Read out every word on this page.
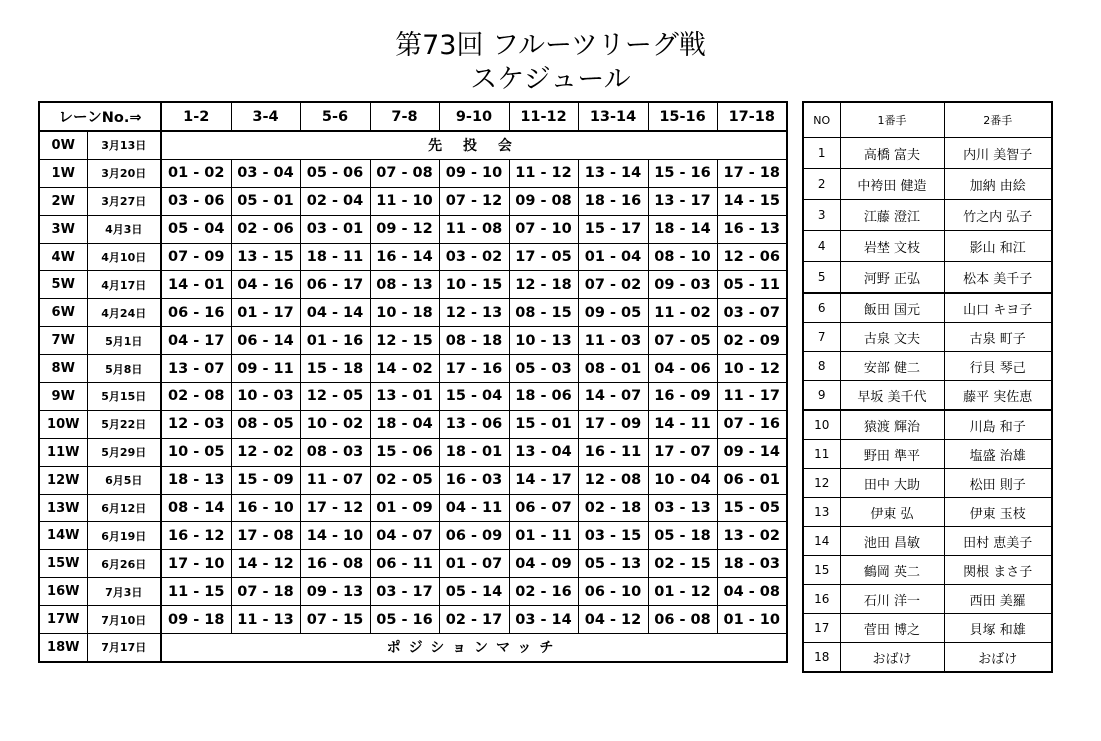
第73回 フルーツリーグ戦
スケジュール
レーンNo.⇒		1-2	3-4	5-6	7-8	9-10	11-12	13-14	15-16	17-18
0W	3月13日	先 投 会								
1W	3月20日	01 - 02	03 - 04	05 - 06	07 - 08	09 - 10	11 - 12	13 - 14	15 - 16	17 - 18
2W	3月27日	03 - 06	05 - 01	02 - 04	11 - 10	07 - 12	09 - 08	18 - 16	13 - 17	14 - 15
3W	4月3日	05 - 04	02 - 06	03 - 01	09 - 12	11 - 08	07 - 10	15 - 17	18 - 14	16 - 13
4W	4月10日	07 - 09	13 - 15	18 - 11	16 - 14	03 - 02	17 - 05	01 - 04	08 - 10	12 - 06
5W	4月17日	14 - 01	04 - 16	06 - 17	08 - 13	10 - 15	12 - 18	07 - 02	09 - 03	05 - 11
6W	4月24日	06 - 16	01 - 17	04 - 14	10 - 18	12 - 13	08 - 15	09 - 05	11 - 02	03 - 07
7W	5月1日	04 - 17	06 - 14	01 - 16	12 - 15	08 - 18	10 - 13	11 - 03	07 - 05	02 - 09
8W	5月8日	13 - 07	09 - 11	15 - 18	14 - 02	17 - 16	05 - 03	08 - 01	04 - 06	10 - 12
9W	5月15日	02 - 08	10 - 03	12 - 05	13 - 01	15 - 04	18 - 06	14 - 07	16 - 09	11 - 17
10W	5月22日	12 - 03	08 - 05	10 - 02	18 - 04	13 - 06	15 - 01	17 - 09	14 - 11	07 - 16
11W	5月29日	10 - 05	12 - 02	08 - 03	15 - 06	18 - 01	13 - 04	16 - 11	17 - 07	09 - 14
12W	6月5日	18 - 13	15 - 09	11 - 07	02 - 05	16 - 03	14 - 17	12 - 08	10 - 04	06 - 01
13W	6月12日	08 - 14	16 - 10	17 - 12	01 - 09	04 - 11	06 - 07	02 - 18	03 - 13	15 - 05
14W	6月19日	16 - 12	17 - 08	14 - 10	04 - 07	06 - 09	01 - 11	03 - 15	05 - 18	13 - 02
15W	6月26日	17 - 10	14 - 12	16 - 08	06 - 11	01 - 07	04 - 09	05 - 13	02 - 15	18 - 03
16W	7月3日	11 - 15	07 - 18	09 - 13	03 - 17	05 - 14	02 - 16	06 - 10	01 - 12	04 - 08
17W	7月10日	09 - 18	11 - 13	07 - 15	05 - 16	02 - 17	03 - 14	04 - 12	06 - 08	01 - 10
18W	7月17日	ポジションマッチ								
NO	1番手	2番手
1	高橋 富夫	内川 美智子
2	中袴田 健造	加納 由絵
3	江藤 澄江	竹之内 弘子
4	岩埜 文枝	影山 和江
5	河野 正弘	松本 美千子
6	飯田 国元	山口 キヨ子
7	古泉 文夫	古泉 町子
8	安部 健二	行貝 琴己
9	早坂 美千代	藤平 実佐恵
10	猿渡 輝治	川島 和子
11	野田 準平	塩盛 治雄
12	田中 大助	松田 則子
13	伊東 弘	伊東 玉枝
14	池田 昌敏	田村 恵美子
15	鶴岡 英二	関根 まさ子
16	石川 洋一	西田 美羅
17	菅田 博之	貝塚 和雄
18	おばけ	おばけ
